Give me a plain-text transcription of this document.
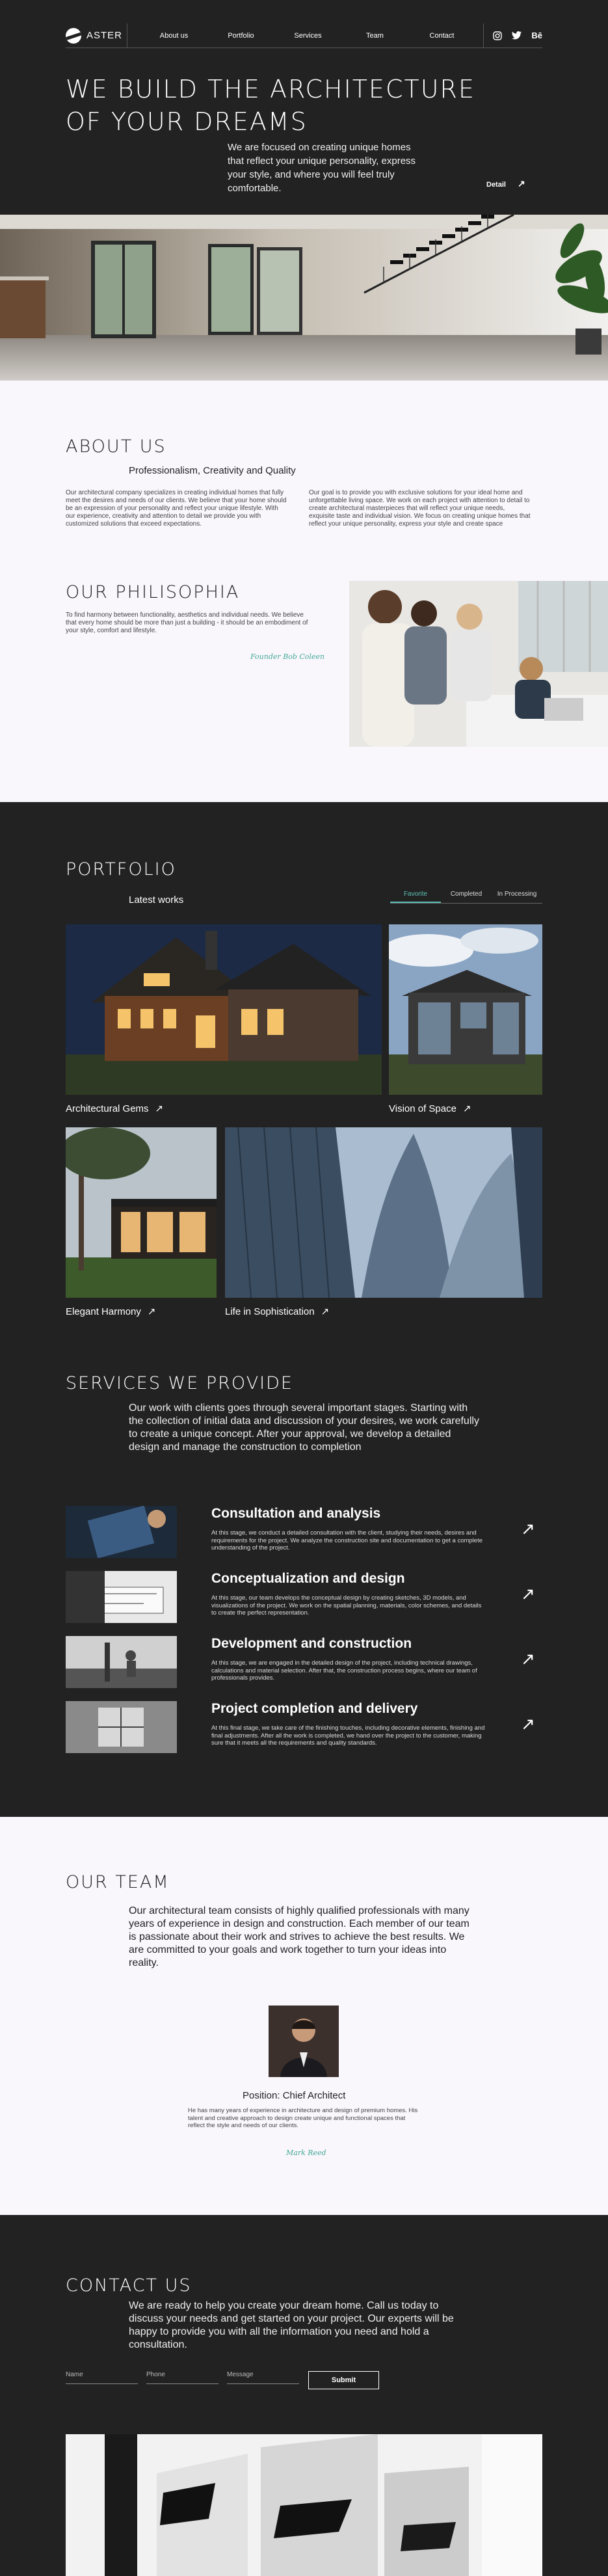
ASTER	About us	Portfolio	Services	Team	Contact	Bē
WE BUILD THE ARCHITECTURE
OF YOUR DREAMS

We are focused on creating unique homes that reflect your unique personality, express your style, and where you will feel truly comfortable.	Detail ↗
ABOUT US

Professionalism, Creativity and Quality

Our architectural company specializes in creating individual homes that fully meet the desires and needs of our clients. We believe that your home should be an expression of your personality and reflect your unique lifestyle. With our experience, creativity and attention to detail we provide you with customized solutions that exceed expectations.

Our goal is to provide you with exclusive solutions for your ideal home and unforgettable living space. We work on each project with attention to detail to create architectural masterpieces that will reflect your unique needs, exquisite taste and individual vision. We focus on creating unique homes that reflect your unique personality, express your style and create space

OUR PHILISOPHIA

To find harmony between functionality, aesthetics and individual needs. We believe that every home should be more than just a building - it should be an embodiment of your style, comfort and lifestyle.

Founder Bob Coleen
PORTFOLIO

Latest works

Favorite	Completed	In Processing

Architectural Gems ↗	Vision of Space ↗

Elegant Harmony ↗	Life in Sophistication ↗

SERVICES WE PROVIDE

Our work with clients goes through several important stages. Starting with the collection of initial data and discussion of your desires, we work carefully to create a unique concept. After your approval, we develop a detailed design and manage the construction to completion

Consultation and analysis

At this stage, we conduct a detailed consultation with the client, studying their needs, desires and requirements for the project. We analyze the construction site and documentation to get a complete understanding of the project.

↗
Conceptualization and design

At this stage, our team develops the conceptual design by creating sketches, 3D models, and visualizations of the project. We work on the spatial planning, materials, color schemes, and details to create the perfect representation.

↗
Development and construction

At this stage, we are engaged in the detailed design of the project, including technical drawings, calculations and material selection. After that, the construction process begins, where our team of professionals provides.

↗
Project completion and delivery

At this final stage, we take care of the finishing touches, including decorative elements, finishing and final adjustments. After all the work is completed, we hand over the project to the customer, making sure that it meets all the requirements and quality standards.

↗
OUR TEAM

Our architectural team consists of highly qualified professionals with many years of experience in design and construction. Each member of our team is passionate about their work and strives to achieve the best results. We are committed to your goals and work together to turn your ideas into reality.

Position: Chief Architect

He has many years of experience in architecture and design of premium homes. His talent and creative approach to design create unique and functional spaces that reflect the style and needs of our clients.

Mark Reed
CONTACT US

We are ready to help you create your dream home. Call us today to discuss your needs and get started on your project. Our experts will be happy to provide you with all the information you need and hold a consultation.

Name	Phone	Message
Submit
